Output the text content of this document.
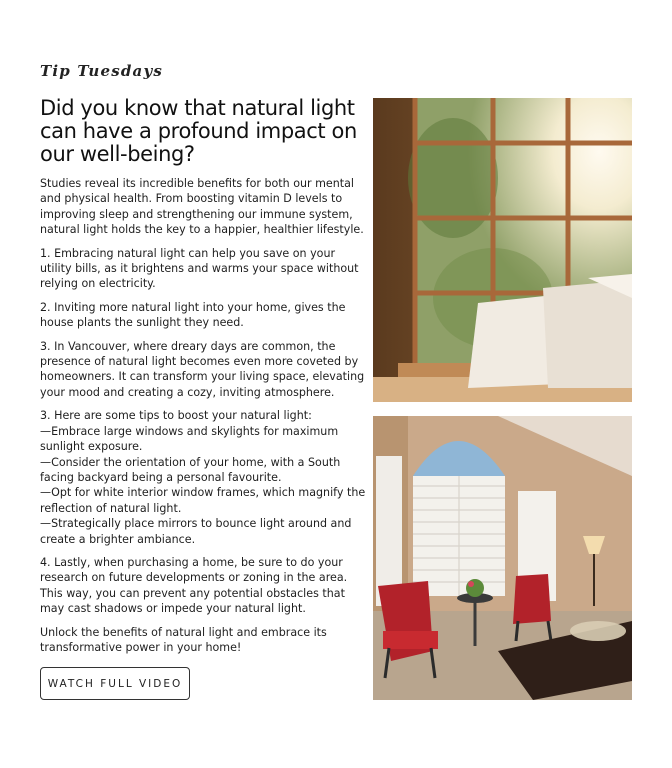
Tip Tuesdays
Did you know that natural light can have a profound impact on our well-being?

Studies reveal its incredible benefits for both our mental and physical health. From boosting vitamin D levels to improving sleep and strengthening our immune system, natural light holds the key to a happier, healthier lifestyle.

1. Embracing natural light can help you save on your utility bills, as it brightens and warms your space without relying on electricity.

2. Inviting more natural light into your home, gives the house plants the sunlight they need.

3. In Vancouver, where dreary days are common, the presence of natural light becomes even more coveted by homeowners. It can transform your living space, elevating your mood and creating a cozy, inviting atmosphere.

3. Here are some tips to boost your natural light:
—Embrace large windows and skylights for maximum sunlight exposure.
—Consider the orientation of your home, with a South facing backyard being a personal favourite.
—Opt for white interior window frames, which magnify the reflection of natural light.
—Strategically place mirrors to bounce light around and create a brighter ambiance.

4. Lastly, when purchasing a home, be sure to do your research on future developments or zoning in the area. This way, you can prevent any potential obstacles that may cast shadows or impede your natural light.

Unlock the benefits of natural light and embrace its transformative power in your home!

WATCH FULL VIDEO
